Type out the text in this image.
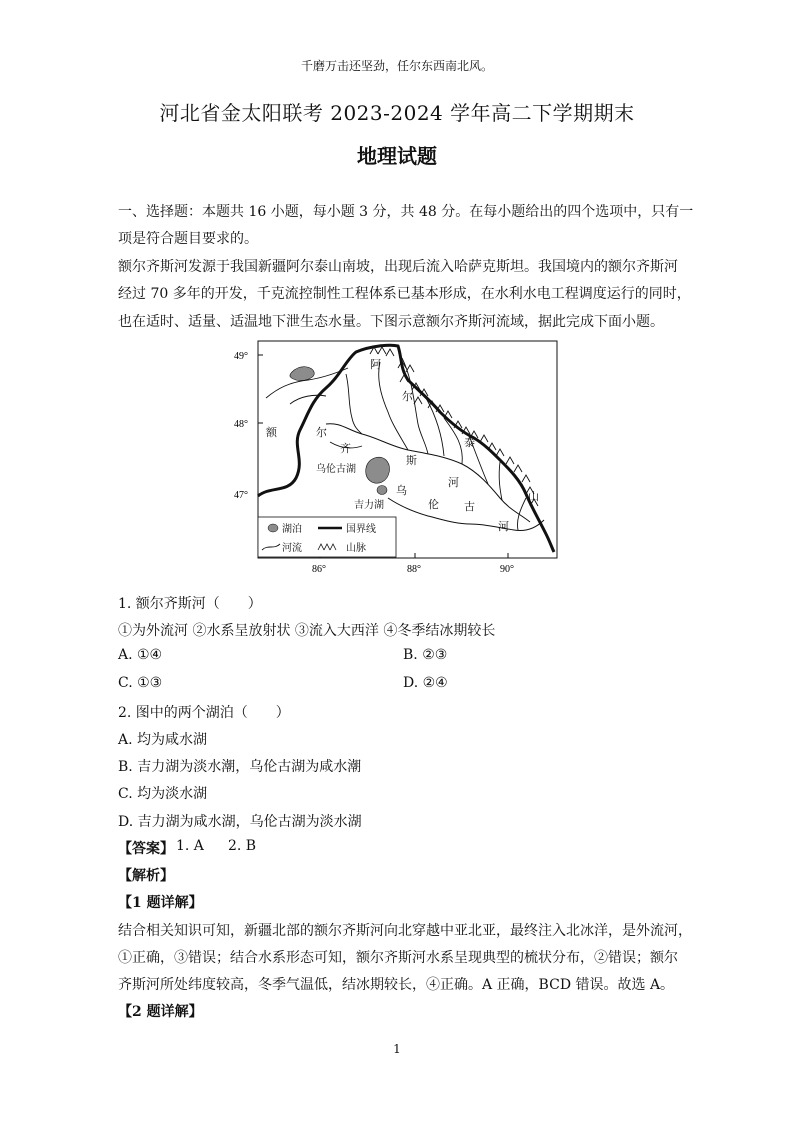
千磨万击还坚劲，任尔东西南北风。
河北省金太阳联考 2023-2024 学年高二下学期期末
地理试题
一、选择题：本题共 16 小题，每小题 3 分，共 48 分。在每小题给出的四个选项中，只有一
项是符合题目要求的。
额尔齐斯河发源于我国新疆阿尔泰山南坡，出现后流入哈萨克斯坦。我国境内的额尔齐斯河
经过 70 多年的开发，千克流控制性工程体系已基本形成，在水利水电工程调度运行的同时，
也在适时、适量、适温地下泄生态水量。下图示意额尔齐斯河流域，据此完成下面小题。
49°
48°
47°
86°	88°	90°
阿
尔
泰
山
额	尔
齐
斯
河
乌伦古湖
吉力湖
乌
伦 古
河
湖泊	国界线
河流	山脉
1. 额尔齐斯河（　　）
①为外流河 ②水系呈放射状 ③流入大西洋 ④冬季结冰期较长
A. ①④	B. ②③
C. ①③	D. ②④
2. 图中的两个湖泊（　　）
A. 均为咸水湖
B. 吉力湖为淡水潮，乌伦古湖为咸水潮
C. 均为淡水湖
D. 吉力湖为咸水湖，乌伦古湖为淡水湖
【答案】 1. A 2. B
【解析】
【1 题详解】
结合相关知识可知，新疆北部的额尔齐斯河向北穿越中亚北亚，最终注入北冰洋，是外流河，
①正确，③错误；结合水系形态可知，额尔齐斯河水系呈现典型的梳状分布，②错误；额尔
齐斯河所处纬度较高，冬季气温低，结冰期较长，④正确。A 正确，BCD 错误。故选 A。
【2 题详解】
1
